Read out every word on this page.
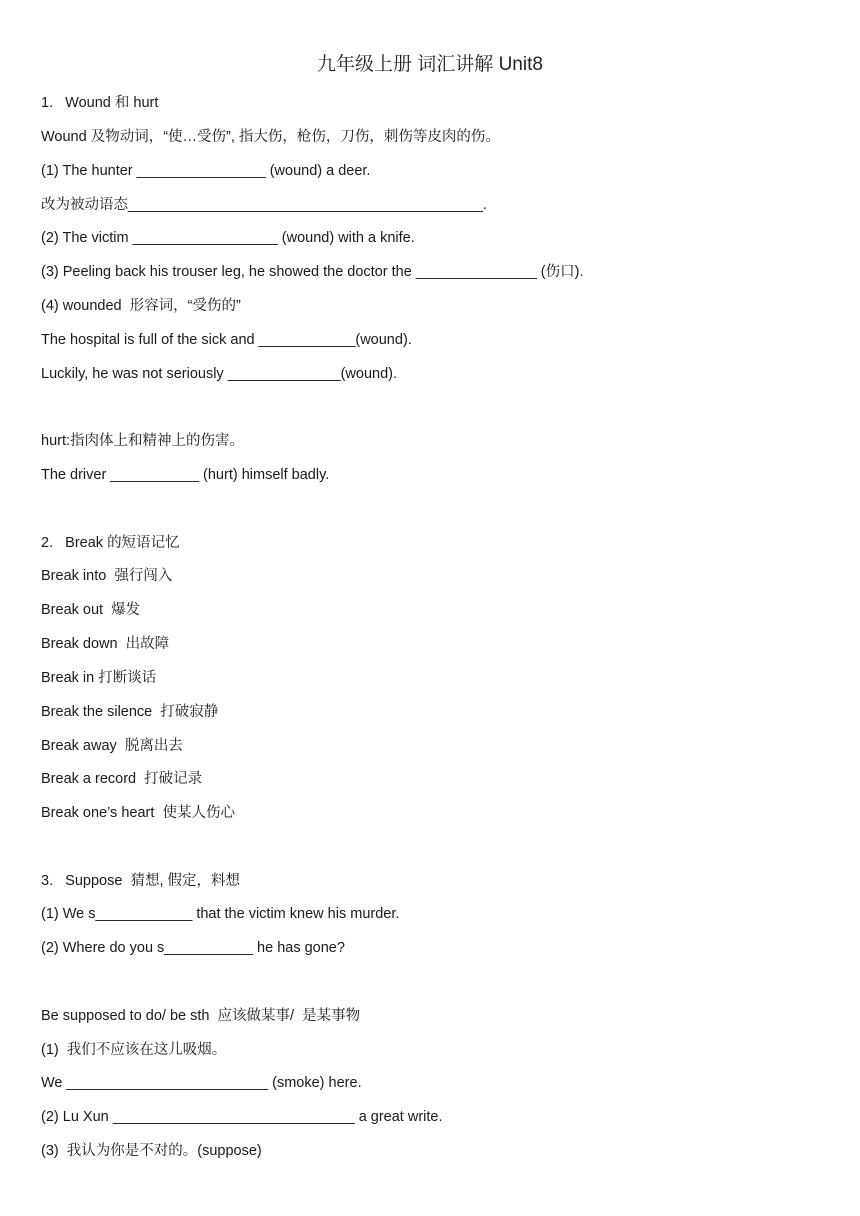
九年级上册 词汇讲解 Unit8
1.   Wound 和 hurt
Wound 及物动词，“使…受伤”, 指大伤，枪伤，刀伤，刺伤等皮肉的伤。
(1) The hunter ________________ (wound) a deer.
改为被动语态____________________________________________.
(2) The victim __________________ (wound) with a knife.
(3) Peeling back his trouser leg, he showed the doctor the _______________ (伤口).
(4) wounded  形容词，“受伤的”
The hospital is full of the sick and ____________(wound).
Luckily, he was not seriously ______________(wound).
hurt:指肉体上和精神上的伤害。
The driver ___________ (hurt) himself badly.
2.   Break 的短语记忆
Break into  强行闯入
Break out  爆发
Break down  出故障
Break in 打断谈话
Break the silence  打破寂静
Break away  脱离出去
Break a record  打破记录
Break one’s heart  使某人伤心
3.   Suppose  猜想, 假定，料想
(1) We s____________ that the victim knew his murder.
(2) Where do you s___________ he has gone?
Be supposed to do/ be sth  应该做某事/  是某事物
(1)  我们不应该在这儿吸烟。
We _________________________ (smoke) here.
(2) Lu Xun ______________________________ a great write.
(3)  我认为你是不对的。(suppose)
